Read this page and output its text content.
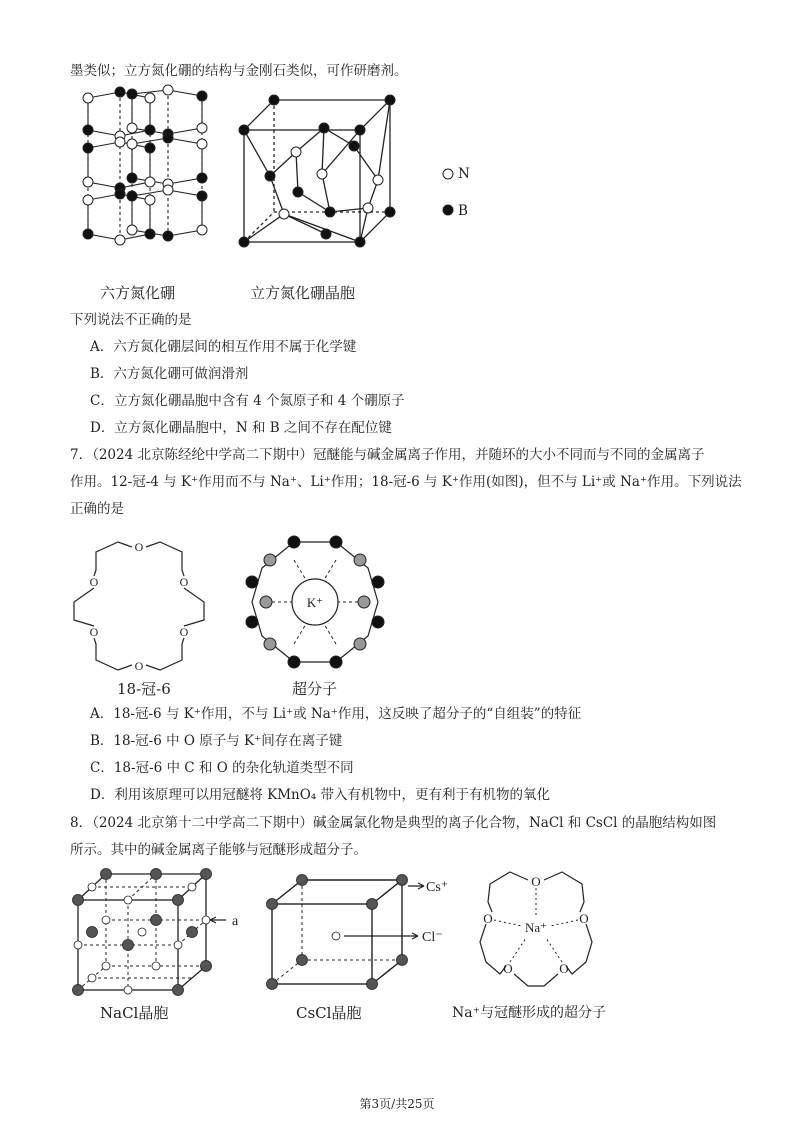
墨类似；立方氮化硼的结构与金刚石类似，可作研磨剂。
N
B
六方氮化硼	立方氮化硼晶胞
下列说法不正确的是
A．六方氮化硼层间的相互作用不属于化学键
B．六方氮化硼可做润滑剂
C．立方氮化硼晶胞中含有 4 个氮原子和 4 个硼原子
D．立方氮化硼晶胞中，N 和 B 之间不存在配位键
7．（2024 北京陈经纶中学高二下期中）冠醚能与碱金属离子作用，并随环的大小不同而与不同的金属离子
作用。12-冠-4 与 K⁺作用而不与 Na⁺、Li⁺作用；18-冠-6 与 K⁺作用(如图)，但不与 Li⁺或 Na⁺作用。下列说法
正确的是
O
O	O
O	O
O
K⁺
18-冠-6	超分子
A．18-冠-6 与 K⁺作用，不与 Li⁺或 Na⁺作用，这反映了超分子的“自组装”的特征
B．18-冠-6 中 O 原子与 K⁺间存在离子键
C．18-冠-6 中 C 和 O 的杂化轨道类型不同
D．利用该原理可以用冠醚将 KMnO₄ 带入有机物中，更有利于有机物的氧化
8．（2024 北京第十二中学高二下期中）碱金属氯化物是典型的离子化合物，NaCl 和 CsCl 的晶胞结构如图
所示。其中的碱金属离子能够与冠醚形成超分子。
a
Cs⁺
Cl⁻
O
O	O
O	O
Na⁺
NaCl晶胞	CsCl晶胞	Na⁺与冠醚形成的超分子
第3页/共25页
